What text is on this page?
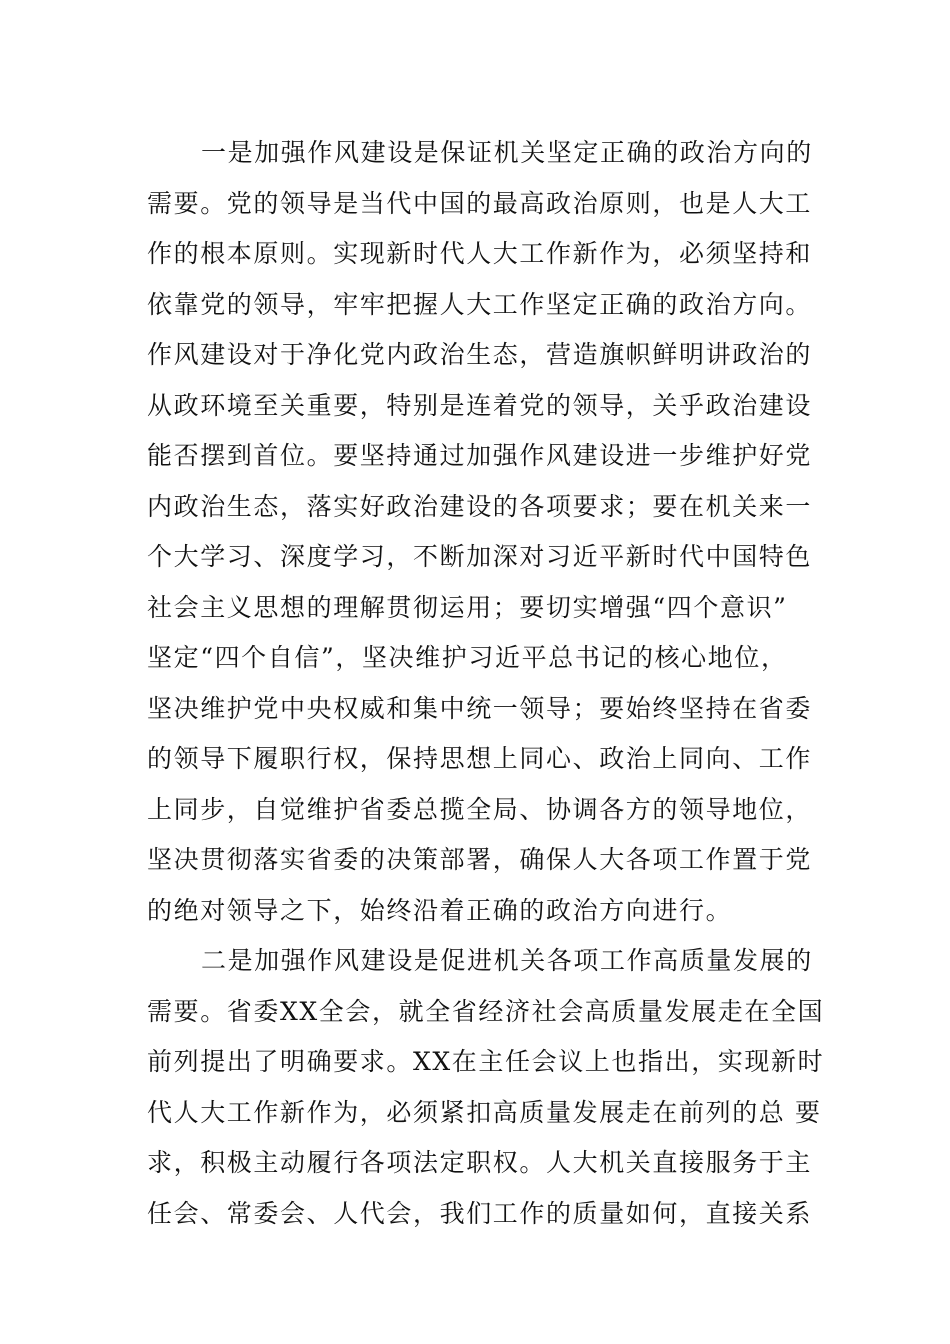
一是加强作风建设是保证机关坚定正确的政治方向的
需要。党的领导是当代中国的最高政治原则，也是人大工
作的根本原则。实现新时代人大工作新作为，必须坚持和
依靠党的领导，牢牢把握人大工作坚定正确的政治方向。
作风建设对于净化党内政治生态，营造旗帜鲜明讲政治的
从政环境至关重要，特别是连着党的领导，关乎政治建设
能否摆到首位。要坚持通过加强作风建设进一步维护好党
内政治生态，落实好政治建设的各项要求；要在机关来一
个大学习、深度学习，不断加深对习近平新时代中国特色
社会主义思想的理解贯彻运用；要切实增强“四个意识”
坚定“四个自信”，坚决维护习近平总书记的核心地位，
坚决维护党中央权威和集中统一领导；要始终坚持在省委
的领导下履职行权，保持思想上同心、政治上同向、工作
上同步，自觉维护省委总揽全局、协调各方的领导地位，
坚决贯彻落实省委的决策部署，确保人大各项工作置于党
的绝对领导之下，始终沿着正确的政治方向进行。
二是加强作风建设是促进机关各项工作高质量发展的
需要。省委XX全会，就全省经济社会高质量发展走在全国
前列提出了明确要求。XX在主任会议上也指出，实现新时
代人大工作新作为，必须紧扣高质量发展走在前列的总 要
求，积极主动履行各项法定职权。人大机关直接服务于主
任会、常委会、人代会，我们工作的质量如何，直接关系
